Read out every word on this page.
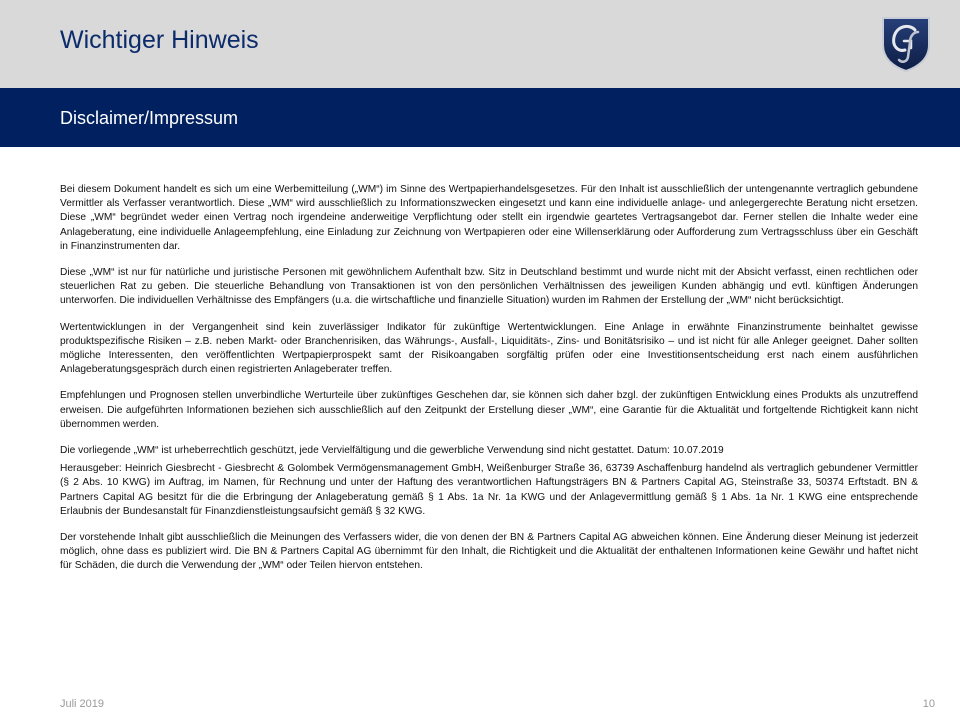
Wichtiger Hinweis
Disclaimer/Impressum

Bei diesem Dokument handelt es sich um eine Werbemitteilung („WM“) im Sinne des Wertpapierhandelsgesetzes. Für den Inhalt ist ausschließlich der untengenannte vertraglich gebundene Vermittler als Verfasser verantwortlich. Diese „WM“ wird ausschließlich zu Informationszwecken eingesetzt und kann eine individuelle anlage- und anlegergerechte Beratung nicht ersetzen. Diese „WM“ begründet weder einen Vertrag noch irgendeine anderweitige Verpflichtung oder stellt ein irgendwie geartetes Vertragsangebot dar. Ferner stellen die Inhalte weder eine Anlageberatung, eine individuelle Anlageempfehlung, eine Einladung zur Zeichnung von Wertpapieren oder eine Willenserklärung oder Aufforderung zum Vertragsschluss über ein Geschäft in Finanzinstrumenten dar.

Diese „WM“ ist nur für natürliche und juristische Personen mit gewöhnlichem Aufenthalt bzw. Sitz in Deutschland bestimmt und wurde nicht mit der Absicht verfasst, einen rechtlichen oder steuerlichen Rat zu geben. Die steuerliche Behandlung von Transaktionen ist von den persönlichen Verhältnissen des jeweiligen Kunden abhängig und evtl. künftigen Änderungen unterworfen. Die individuellen Verhältnisse des Empfängers (u.a. die wirtschaftliche und finanzielle Situation) wurden im Rahmen der Erstellung der „WM“ nicht berücksichtigt.

Wertentwicklungen in der Vergangenheit sind kein zuverlässiger Indikator für zukünftige Wertentwicklungen. Eine Anlage in erwähnte Finanzinstrumente beinhaltet gewisse produktspezifische Risiken – z.B. neben Markt- oder Branchenrisiken, das Währungs-, Ausfall-, Liquiditäts-, Zins- und Bonitätsrisiko – und ist nicht für alle Anleger geeignet. Daher sollten mögliche Interessenten, den veröffentlichten Wertpapierprospekt samt der Risikoangaben sorgfältig prüfen oder eine Investitionsentscheidung erst nach einem ausführlichen Anlageberatungsgespräch durch einen registrierten Anlageberater treffen.

Empfehlungen und Prognosen stellen unverbindliche Werturteile über zukünftiges Geschehen dar, sie können sich daher bzgl. der zukünftigen Entwicklung eines Produkts als unzutreffend erweisen. Die aufgeführten Informationen beziehen sich ausschließlich auf den Zeitpunkt der Erstellung dieser „WM“, eine Garantie für die Aktualität und fortgeltende Richtigkeit kann nicht übernommen werden.

Die vorliegende „WM“ ist urheberrechtlich geschützt, jede Vervielfältigung und die gewerbliche Verwendung sind nicht gestattet. Datum: 10.07.2019

Herausgeber: Heinrich Giesbrecht - Giesbrecht & Golombek Vermögensmanagement GmbH, Weißenburger Straße 36, 63739 Aschaffenburg handelnd als vertraglich gebundener Vermittler (§ 2 Abs. 10 KWG) im Auftrag, im Namen, für Rechnung und unter der Haftung des verantwortlichen Haftungsträgers BN & Partners Capital AG, Steinstraße 33, 50374 Erftstadt. BN & Partners Capital AG besitzt für die die Erbringung der Anlageberatung gemäß § 1 Abs. 1a Nr. 1a KWG und der Anlagevermittlung gemäß § 1 Abs. 1a Nr. 1 KWG eine entsprechende Erlaubnis der Bundesanstalt für Finanzdienstleistungsaufsicht gemäß § 32 KWG.

Der vorstehende Inhalt gibt ausschließlich die Meinungen des Verfassers wider, die von denen der BN & Partners Capital AG abweichen können. Eine Änderung dieser Meinung ist jederzeit möglich, ohne dass es publiziert wird. Die BN & Partners Capital AG übernimmt für den Inhalt, die Richtigkeit und die Aktualität der enthaltenen Informationen keine Gewähr und haftet nicht für Schäden, die durch die Verwendung der „WM“ oder Teilen hiervon entstehen.

Juli 2019	10
